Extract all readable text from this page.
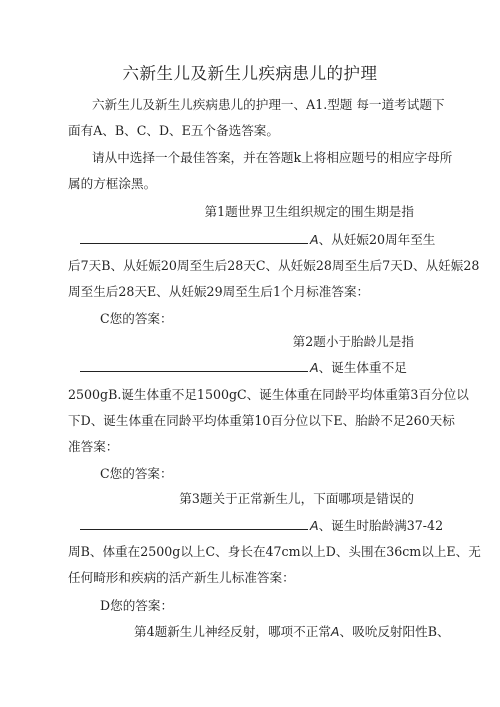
六新生儿及新生儿疾病患儿的护理
六新生儿及新生儿疾病患儿的护理一、A1.型题 每一道考试题下
面有A、B、C、D、E五个备选答案。
请从中选择一个最佳答案，并在答题k上将相应题号的相应字母所
属的方框涂黑。
第1题世界卫生组织规定的围生期是指
A、从妊娠20周年至生
后7天B、从妊娠20周至生后28天C、从妊娠28周至生后7天D、从妊娠28
周至生后28天E、从妊娠29周至生后1个月标准答案：
C您的答案：
第2题小于胎龄儿是指
A、诞生体重不足
2500gB.诞生体重不足1500gC、诞生体重在同龄平均体重第3百分位以
下D、诞生体重在同龄平均体重第10百分位以下E、胎龄不足260天标
准答案：
C您的答案：
第3题关于正常新生儿，下面哪项是错误的
A、诞生时胎龄满37-42
周B、体重在2500g以上C、身长在47cm以上D、头围在36cm以上E、无
任何畸形和疾病的活产新生儿标准答案：
D您的答案：
第4题新生儿神经反射，哪项不正常A、吸吮反射阳性B、
